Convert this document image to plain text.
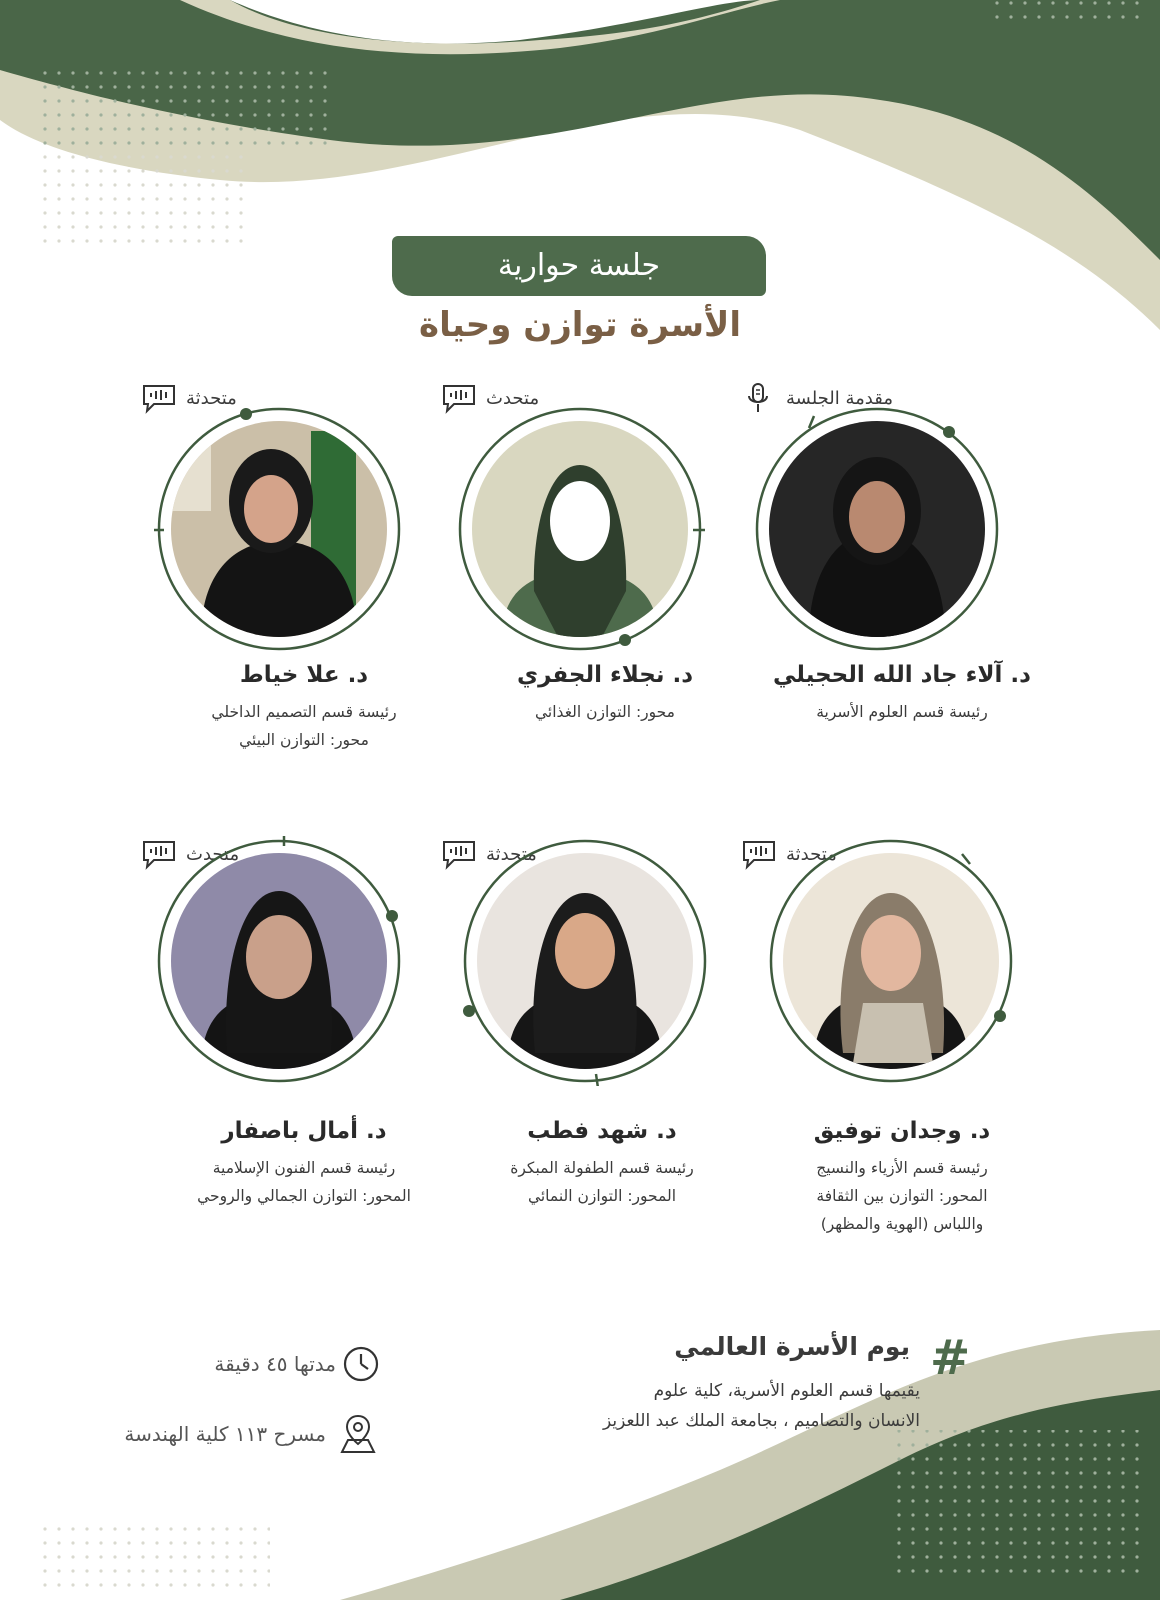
جلسة حوارية
الأسرة توازن وحياة
مقدمة الجلسة
د. آلاء جاد الله الحجيلي
رئيسة قسم العلوم الأسرية
متحدث
د. نجلاء الجفري
محور: التوازن الغذائي
متحدثة
د. علا خياط
رئيسة قسم التصميم الداخلي
محور: التوازن البيئي
متحدثة
د. وجدان توفيق
رئيسة قسم الأزياء والنسيج
المحور: التوازن بين الثقافة
واللباس (الهوية والمظهر)
متحدثة
د. شهد فطب
رئيسة قسم الطفولة المبكرة
المحور: التوازن النمائي
متحدث
د. أمال باصفار
رئيسة قسم الفنون الإسلامية
المحور: التوازن الجمالي والروحي
#
يوم الأسرة العالمي
يقيمها قسم العلوم الأسرية، كلية علوم
الانسان والتصاميم ، بجامعة الملك عبد اللعزيز
مدتها ٤٥ دقيقة
مسرح ١١٣ كلية الهندسة
